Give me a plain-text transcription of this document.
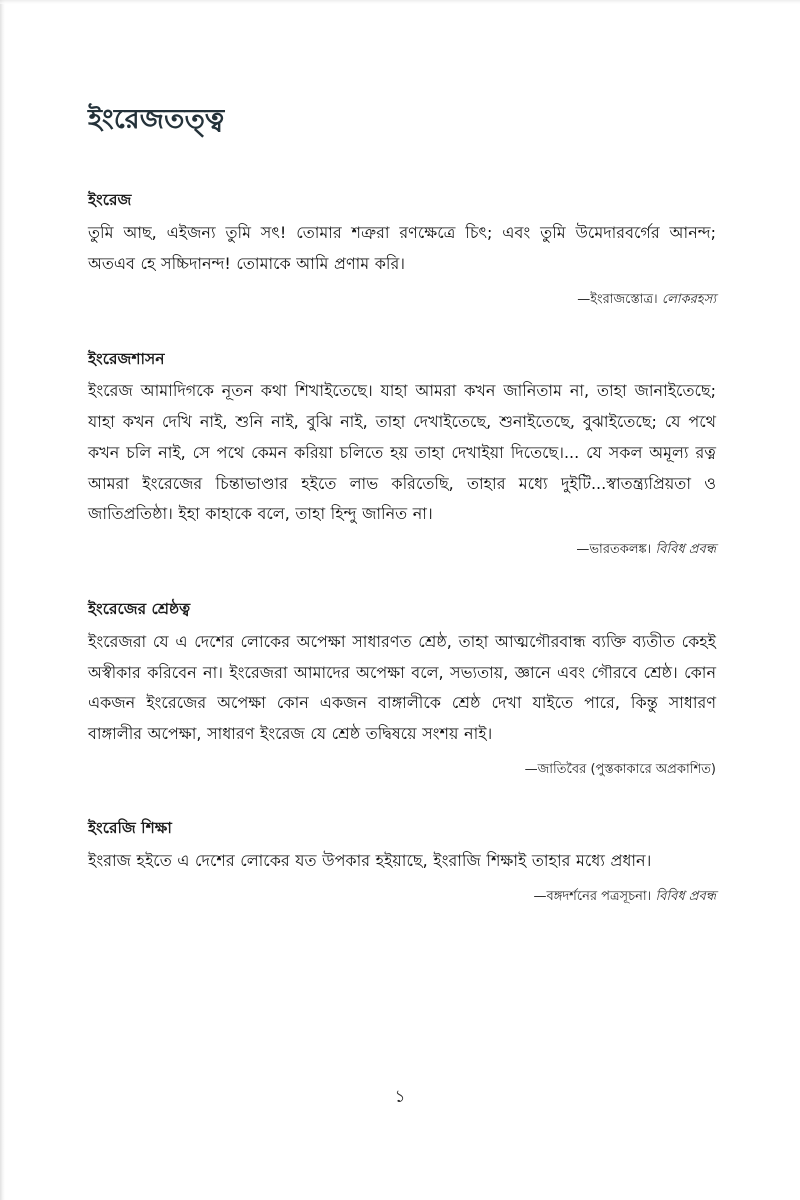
ইংরেজতত্ত্ব
ইংরেজ

তুমি আছ, এইজন্য তুমি সৎ! তোমার শত্রুরা রণক্ষেত্রে চিৎ; এবং তুমি উমেদারবর্গের আনন্দ; অতএব হে সচ্চিদানন্দ! তোমাকে আমি প্রণাম করি।

—ইংরাজস্তোত্র। লোকরহস্য
ইংরেজশাসন

ইংরেজ আমাদিগকে নূতন কথা শিখাইতেছে। যাহা আমরা কখন জানিতাম না, তাহা জানাইতেছে; যাহা কখন দেখি নাই, শুনি নাই, বুঝি নাই, তাহা দেখাইতেছে, শুনাইতেছে, বুঝাইতেছে; যে পথে কখন চলি নাই, সে পথে কেমন করিয়া চলিতে হয় তাহা দেখাইয়া দিতেছে।... যে সকল অমূল্য রত্ন আমরা ইংরেজের চিন্তাভাণ্ডার হইতে লাভ করিতেছি, তাহার মধ্যে দুইটি...স্বাতন্ত্র্যপ্রিয়তা ও জাতিপ্রতিষ্ঠা। ইহা কাহাকে বলে, তাহা হিন্দু জানিত না।

—ভারতকলঙ্ক। বিবিধ প্রবন্ধ
ইংরেজের শ্রেষ্ঠত্ব

ইংরেজরা যে এ দেশের লোকের অপেক্ষা সাধারণত শ্রেষ্ঠ, তাহা আত্মগৌরবান্ধ ব্যক্তি ব্যতীত কেহই অস্বীকার করিবেন না। ইংরেজরা আমাদের অপেক্ষা বলে, সভ্যতায়, জ্ঞানে এবং গৌরবে শ্রেষ্ঠ। কোন একজন ইংরেজের অপেক্ষা কোন একজন বাঙ্গালীকে শ্রেষ্ঠ দেখা যাইতে পারে, কিন্তু সাধারণ বাঙ্গালীর অপেক্ষা, সাধারণ ইংরেজ যে শ্রেষ্ঠ তদ্বিষয়ে সংশয় নাই।

—জাতিবৈর (পুস্তকাকারে অপ্রকাশিত)
ইংরেজি শিক্ষা

ইংরাজ হইতে এ দেশের লোকের যত উপকার হইয়াছে, ইংরাজি শিক্ষাই তাহার মধ্যে প্রধান।

—বঙ্গদর্শনের পত্রসূচনা। বিবিধ প্রবন্ধ
১
